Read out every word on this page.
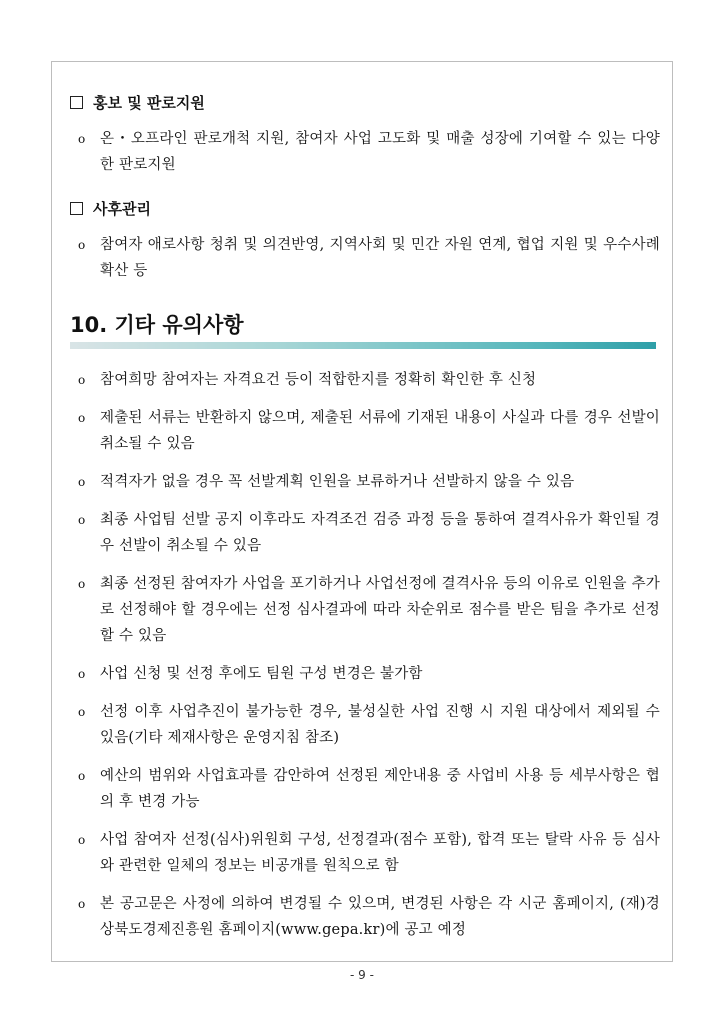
홍보 및 판로지원
o 온・오프라인 판로개척 지원, 참여자 사업 고도화 및 매출 성장에 기여할 수 있는 다양한 판로지원
사후관리
o 참여자 애로사항 청취 및 의견반영, 지역사회 및 민간 자원 연계, 협업 지원 및 우수사례 확산 등
10. 기타 유의사항
o 참여희망 참여자는 자격요건 등이 적합한지를 정확히 확인한 후 신청
o 제출된 서류는 반환하지 않으며, 제출된 서류에 기재된 내용이 사실과 다를 경우 선발이 취소될 수 있음
o 적격자가 없을 경우 꼭 선발계획 인원을 보류하거나 선발하지 않을 수 있음
o 최종 사업팀 선발 공지 이후라도 자격조건 검증 과정 등을 통하여 결격사유가 확인될 경우 선발이 취소될 수 있음
o 최종 선정된 참여자가 사업을 포기하거나 사업선정에 결격사유 등의 이유로 인원을 추가로 선정해야 할 경우에는 선정 심사결과에 따라 차순위로 점수를 받은 팀을 추가로 선정할 수 있음
o 사업 신청 및 선정 후에도 팀원 구성 변경은 불가함
o 선정 이후 사업추진이 불가능한 경우, 불성실한 사업 진행 시 지원 대상에서 제외될 수 있음(기타 제재사항은 운영지침 참조)
o 예산의 범위와 사업효과를 감안하여 선정된 제안내용 중 사업비 사용 등 세부사항은 협의 후 변경 가능
o 사업 참여자 선정(심사)위원회 구성, 선정결과(점수 포함), 합격 또는 탈락 사유 등 심사와 관련한 일체의 정보는 비공개를 원칙으로 함
o 본 공고문은 사정에 의하여 변경될 수 있으며, 변경된 사항은 각 시군 홈페이지, (재)경상북도경제진흥원 홈페이지(www.gepa.kr)에 공고 예정
- 9 -
